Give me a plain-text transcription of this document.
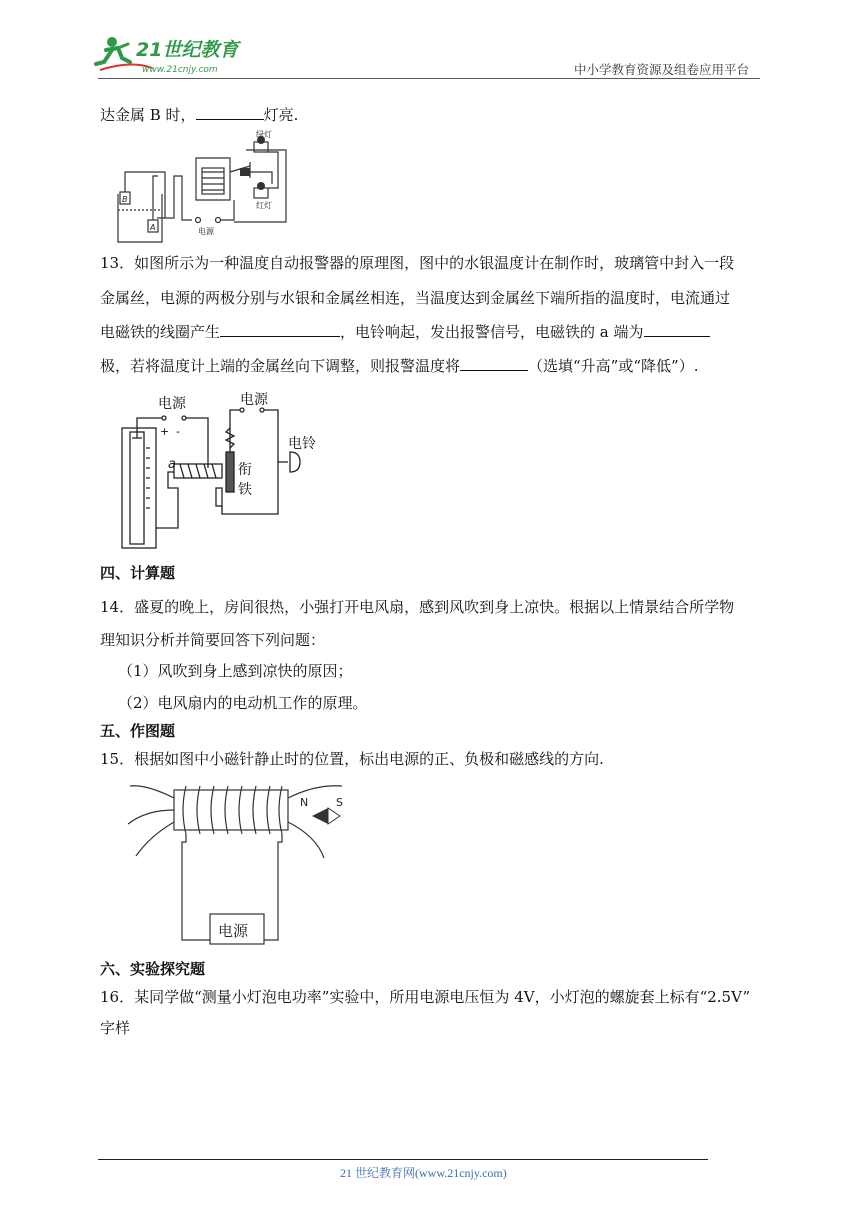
21世纪教育
www.21cnjy.com	中小学教育资源及组卷应用平台
达金属 B 时，	灯亮.
B
A
绿灯
红灯
电源
13．如图所示为一种温度自动报警器的原理图，图中的水银温度计在制作时，玻璃管中封入一段
金属丝，电源的两极分别与水银和金属丝相连，当温度达到金属丝下端所指的温度时，电流通过
电磁铁的线圈产生	，电铃响起，发出报警信号，电磁铁的 a 端为
极，若将温度计上端的金属丝向下调整，则报警温度将	（选填“升高”或“降低”）.
电源
+ -
电源
a	衔
铁
电铃
四、计算题
14．盛夏的晚上，房间很热，小强打开电风扇，感到风吹到身上凉快。根据以上情景结合所学物
理知识分析并简要回答下列问题：
（1）风吹到身上感到凉快的原因；
（2）电风扇内的电动机工作的原理。
五、作图题
15．根据如图中小磁针静止时的位置，标出电源的正、负极和磁感线的方向.
N	S
电源
六、实验探究题
16．某同学做“测量小灯泡电功率”实验中，所用电源电压恒为 4V，小灯泡的螺旋套上标有“2.5V”
字样
21 世纪教育网(www.21cnjy.com)
